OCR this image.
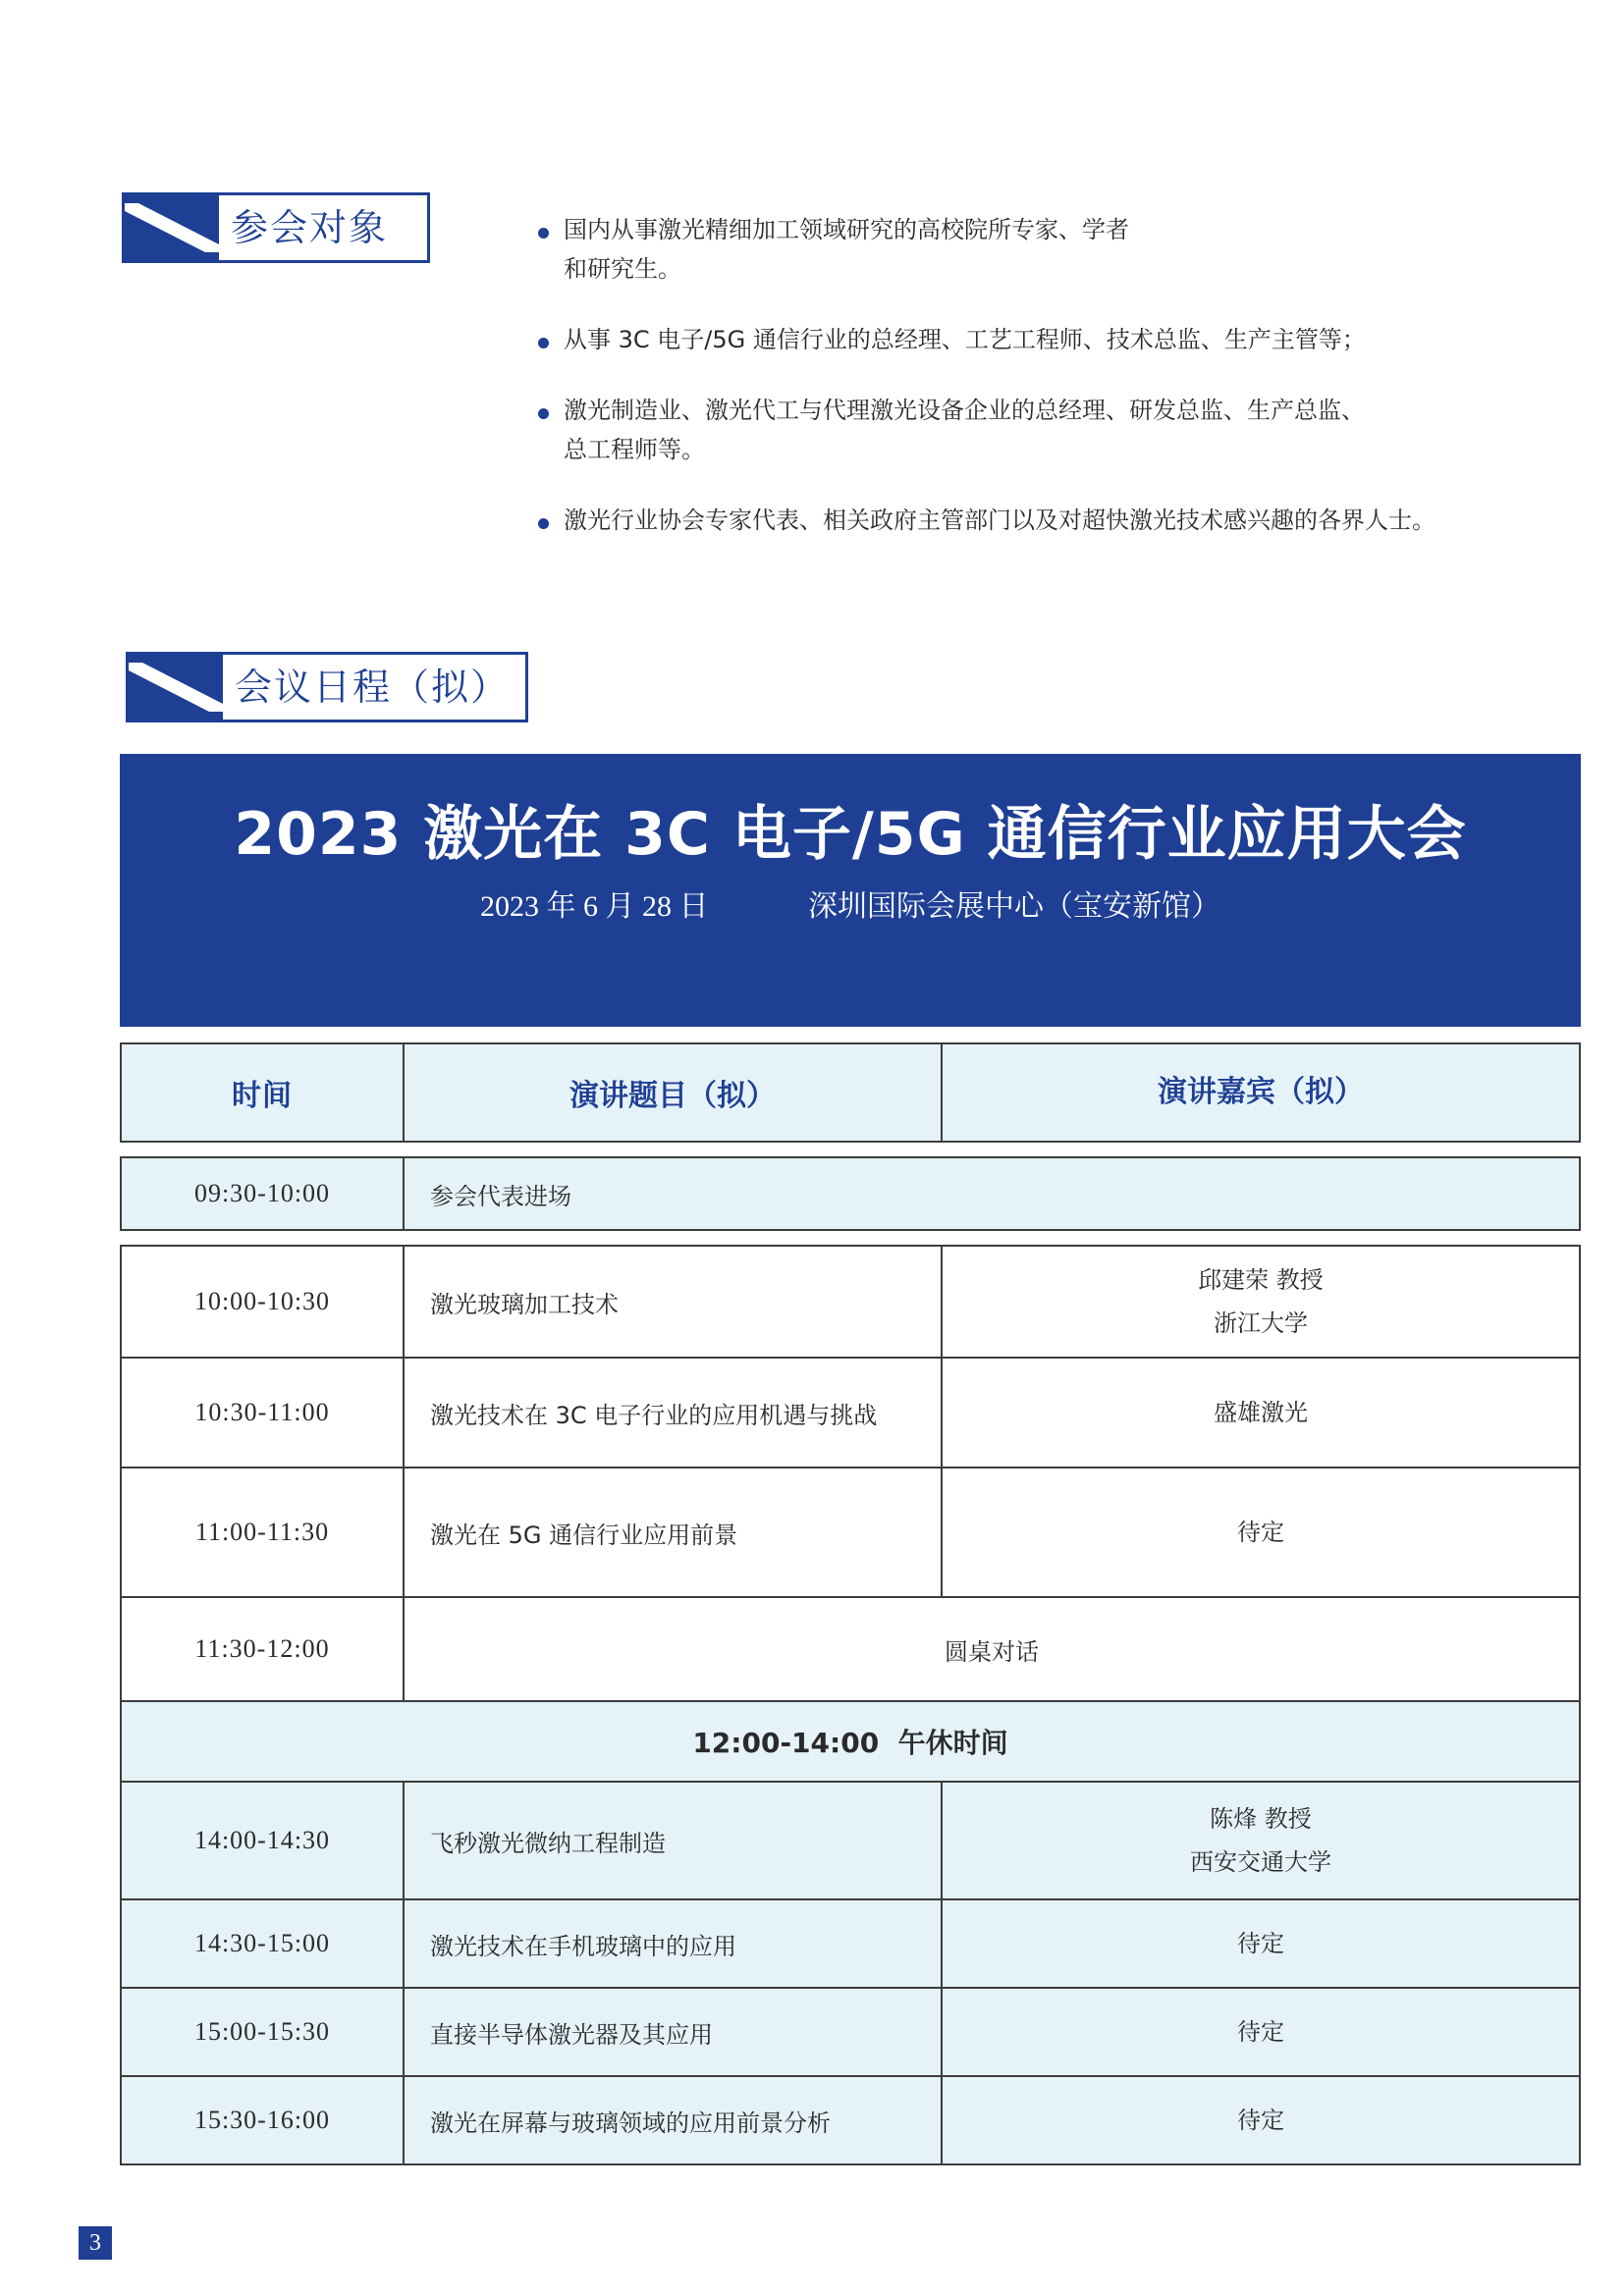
参会对象	国内从事激光精细加工领域研究的高校院所专家、学者
和研究生。
从事 3C 电子/5G 通信行业的总经理、工艺工程师、技术总监、生产主管等；
激光制造业、激光代工与代理激光设备企业的总经理、研发总监、生产总监、
总工程师等。
激光行业协会专家代表、相关政府主管部门以及对超快激光技术感兴趣的各界人士。
会议日程（拟）
2023 激光在 3C 电子/5G 通信行业应用大会
2023 年 6 月 28 日	深圳国际会展中心（宝安新馆）
时间	演讲题目（拟）	演讲嘉宾（拟）
09:30-10:00	参会代表进场
10:00-10:30	激光玻璃加工技术
邱建荣 教授
浙江大学
10:30-11:00	激光技术在 3C 电子行业的应用机遇与挑战	盛雄激光
11:00-11:30	激光在 5G 通信行业应用前景	待定
11:30-12:00	圆桌对话
12:00-14:00  午休时间
14:00-14:30	飞秒激光微纳工程制造
陈烽 教授
西安交通大学
14:30-15:00	激光技术在手机玻璃中的应用	待定
15:00-15:30	直接半导体激光器及其应用	待定
15:30-16:00	激光在屏幕与玻璃领域的应用前景分析	待定
3
